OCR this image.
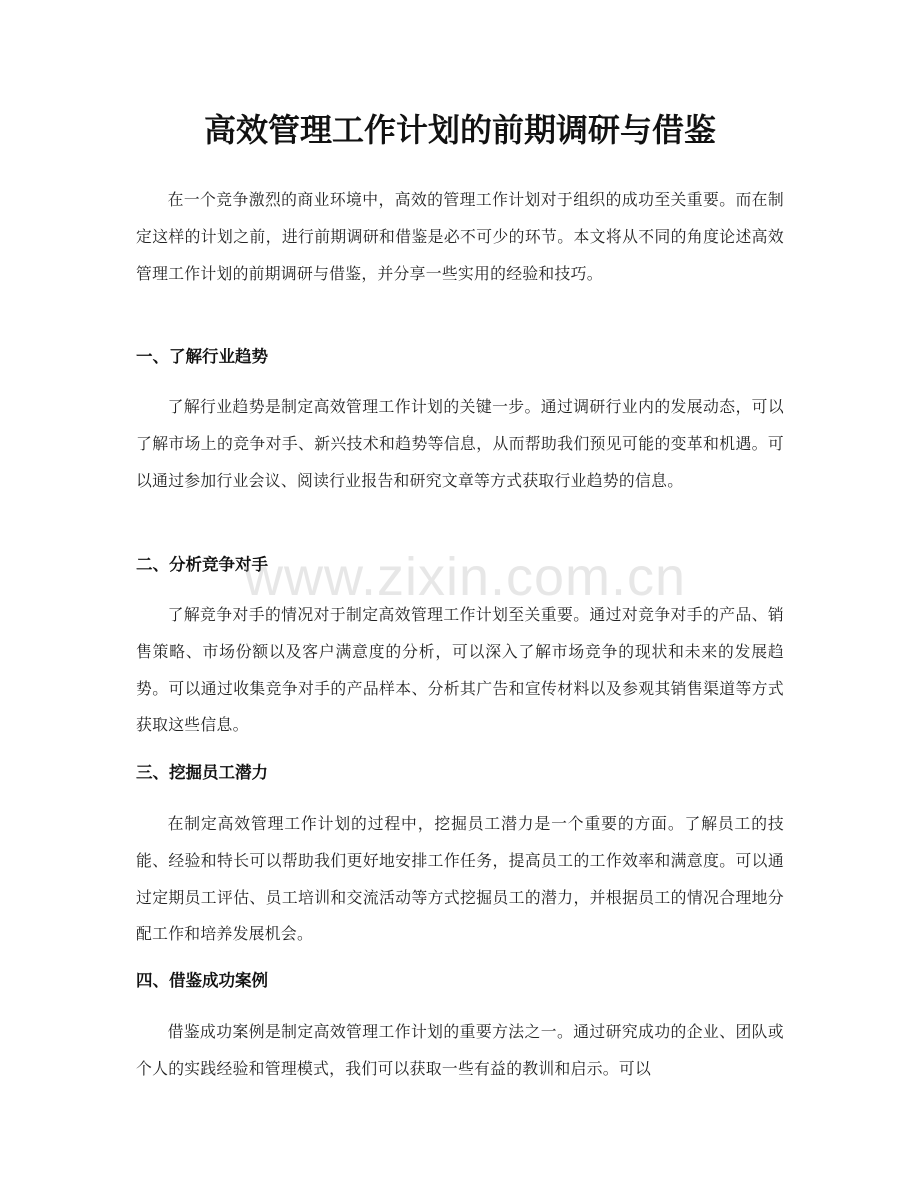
高效管理工作计划的前期调研与借鉴

在一个竞争激烈的商业环境中，高效的管理工作计划对于组织的成功至关重要。而在制定这样的计划之前，进行前期调研和借鉴是必不可少的环节。本文将从不同的角度论述高效管理工作计划的前期调研与借鉴，并分享一些实用的经验和技巧。

一、了解行业趋势

了解行业趋势是制定高效管理工作计划的关键一步。通过调研行业内的发展动态，可以了解市场上的竞争对手、新兴技术和趋势等信息，从而帮助我们预见可能的变革和机遇。可以通过参加行业会议、阅读行业报告和研究文章等方式获取行业趋势的信息。

二、分析竞争对手

了解竞争对手的情况对于制定高效管理工作计划至关重要。通过对竞争对手的产品、销售策略、市场份额以及客户满意度的分析，可以深入了解市场竞争的现状和未来的发展趋势。可以通过收集竞争对手的产品样本、分析其广告和宣传材料以及参观其销售渠道等方式获取这些信息。

三、挖掘员工潜力

在制定高效管理工作计划的过程中，挖掘员工潜力是一个重要的方面。了解员工的技能、经验和特长可以帮助我们更好地安排工作任务，提高员工的工作效率和满意度。可以通过定期员工评估、员工培训和交流活动等方式挖掘员工的潜力，并根据员工的情况合理地分配工作和培养发展机会。

四、借鉴成功案例

借鉴成功案例是制定高效管理工作计划的重要方法之一。通过研究成功的企业、团队或个人的实践经验和管理模式，我们可以获取一些有益的教训和启示。可以

www.zixin.com.cn
